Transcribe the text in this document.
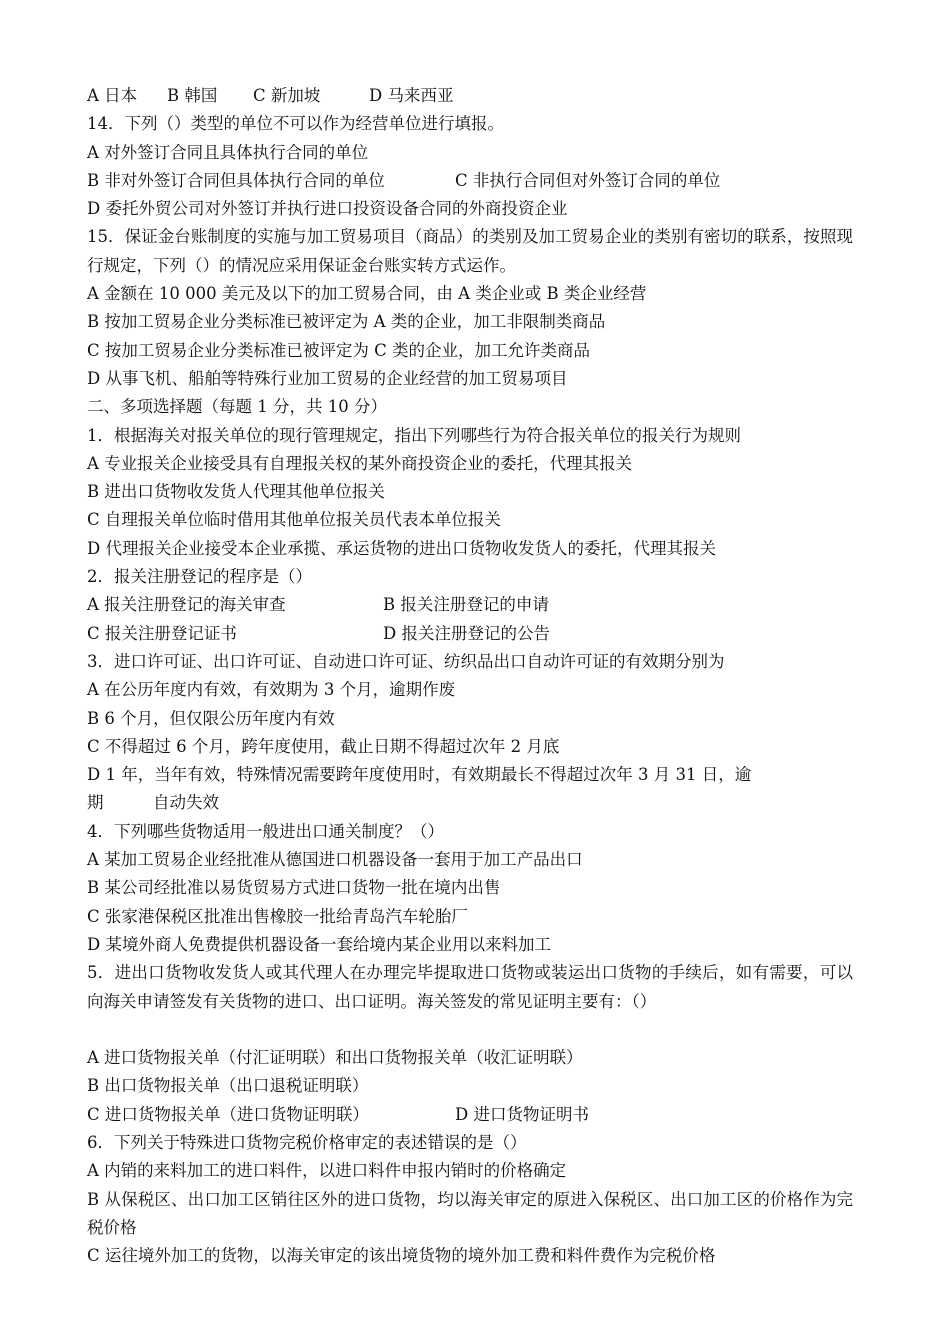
A 日本 B 韩国 C 新加坡	D 马来西亚
14．下列（）类型的单位不可以作为经营单位进行填报。
A 对外签订合同且具体执行合同的单位
B 非对外签订合同但具体执行合同的单位	C 非执行合同但对外签订合同的单位
D 委托外贸公司对外签订并执行进口投资设备合同的外商投资企业
15．保证金台账制度的实施与加工贸易项目（商品）的类别及加工贸易企业的类别有密切的联系，按照现行规定，下列（）的情况应采用保证金台账实转方式运作。
A 金额在 10 000 美元及以下的加工贸易合同，由 A 类企业或 B 类企业经营
B 按加工贸易企业分类标准已被评定为 A 类的企业，加工非限制类商品
C 按加工贸易企业分类标准已被评定为 C 类的企业，加工允许类商品
D 从事飞机、船舶等特殊行业加工贸易的企业经营的加工贸易项目
二、多项选择题（每题 1 分，共 10 分）
1．根据海关对报关单位的现行管理规定，指出下列哪些行为符合报关单位的报关行为规则
A 专业报关企业接受具有自理报关权的某外商投资企业的委托，代理其报关
B 进出口货物收发货人代理其他单位报关
C 自理报关单位临时借用其他单位报关员代表本单位报关
D 代理报关企业接受本企业承揽、承运货物的进出口货物收发货人的委托，代理其报关
2．报关注册登记的程序是（）
A 报关注册登记的海关审查	B 报关注册登记的申请
C 报关注册登记证书	D 报关注册登记的公告
3．进口许可证、出口许可证、自动进口许可证、纺织品出口自动许可证的有效期分别为
A 在公历年度内有效，有效期为 3 个月，逾期作废
B 6 个月，但仅限公历年度内有效
C 不得超过 6 个月，跨年度使用，截止日期不得超过次年 2 月底
D 1 年，当年有效，特殊情况需要跨年度使用时，有效期最长不得超过次年 3 月 31 日，逾
期	自动失效
4．下列哪些货物适用一般进出口通关制度？（）
A 某加工贸易企业经批准从德国进口机器设备一套用于加工产品出口
B 某公司经批准以易货贸易方式进口货物一批在境内出售
C 张家港保税区批准出售橡胶一批给青岛汽车轮胎厂
D 某境外商人免费提供机器设备一套给境内某企业用以来料加工
5．进出口货物收发货人或其代理人在办理完毕提取进口货物或装运出口货物的手续后，如有需要，可以向海关申请签发有关货物的进口、出口证明。海关签发的常见证明主要有：（）
A 进口货物报关单（付汇证明联）和出口货物报关单（收汇证明联）
B 出口货物报关单（出口退税证明联）
C 进口货物报关单（进口货物证明联）	D 进口货物证明书
6．下列关于特殊进口货物完税价格审定的表述错误的是（）
A 内销的来料加工的进口料件，以进口料件申报内销时的价格确定
B 从保税区、出口加工区销往区外的进口货物，均以海关审定的原进入保税区、出口加工区的价格作为完税价格
C 运往境外加工的货物，以海关审定的该出境货物的境外加工费和料件费作为完税价格
